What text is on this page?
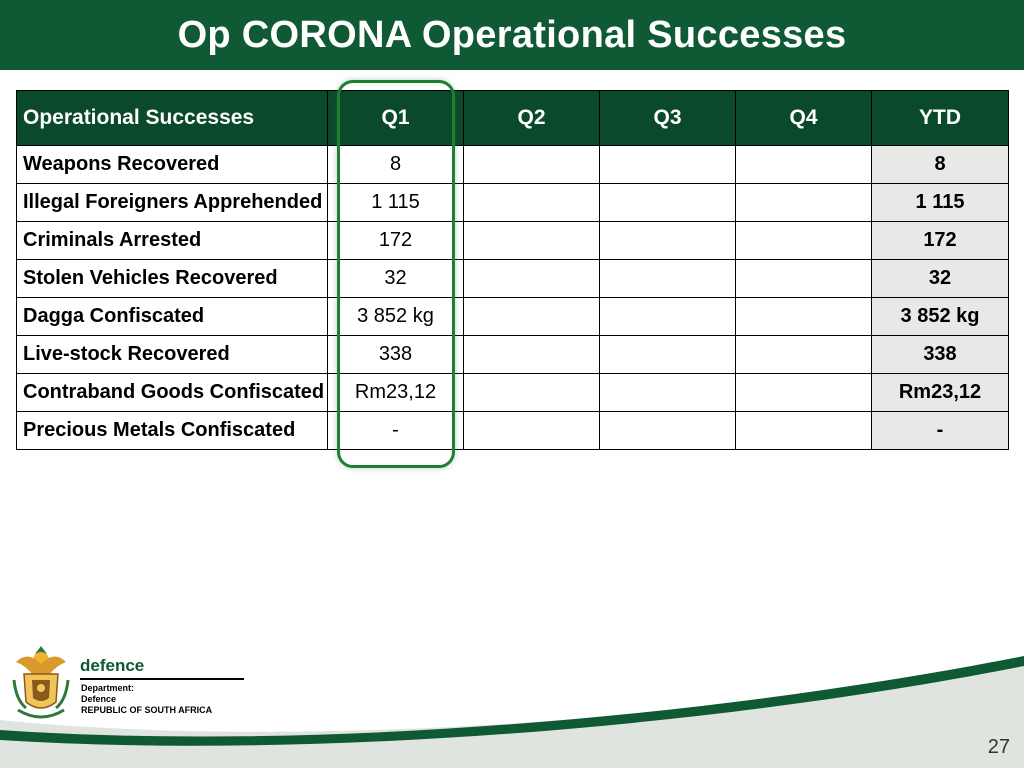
Op CORONA Operational Successes
Operational Successes	Q1	Q2	Q3	Q4	YTD
Weapons Recovered	8				8
Illegal Foreigners Apprehended	1 115				1 115
Criminals Arrested	172				172
Stolen Vehicles Recovered	32				32
Dagga Confiscated	3 852 kg				3 852 kg
Live-stock Recovered	338				338
Contraband Goods Confiscated	Rm23,12				Rm23,12
Precious Metals Confiscated	-				-
defence
Department:
Defence
REPUBLIC OF SOUTH AFRICA
27
